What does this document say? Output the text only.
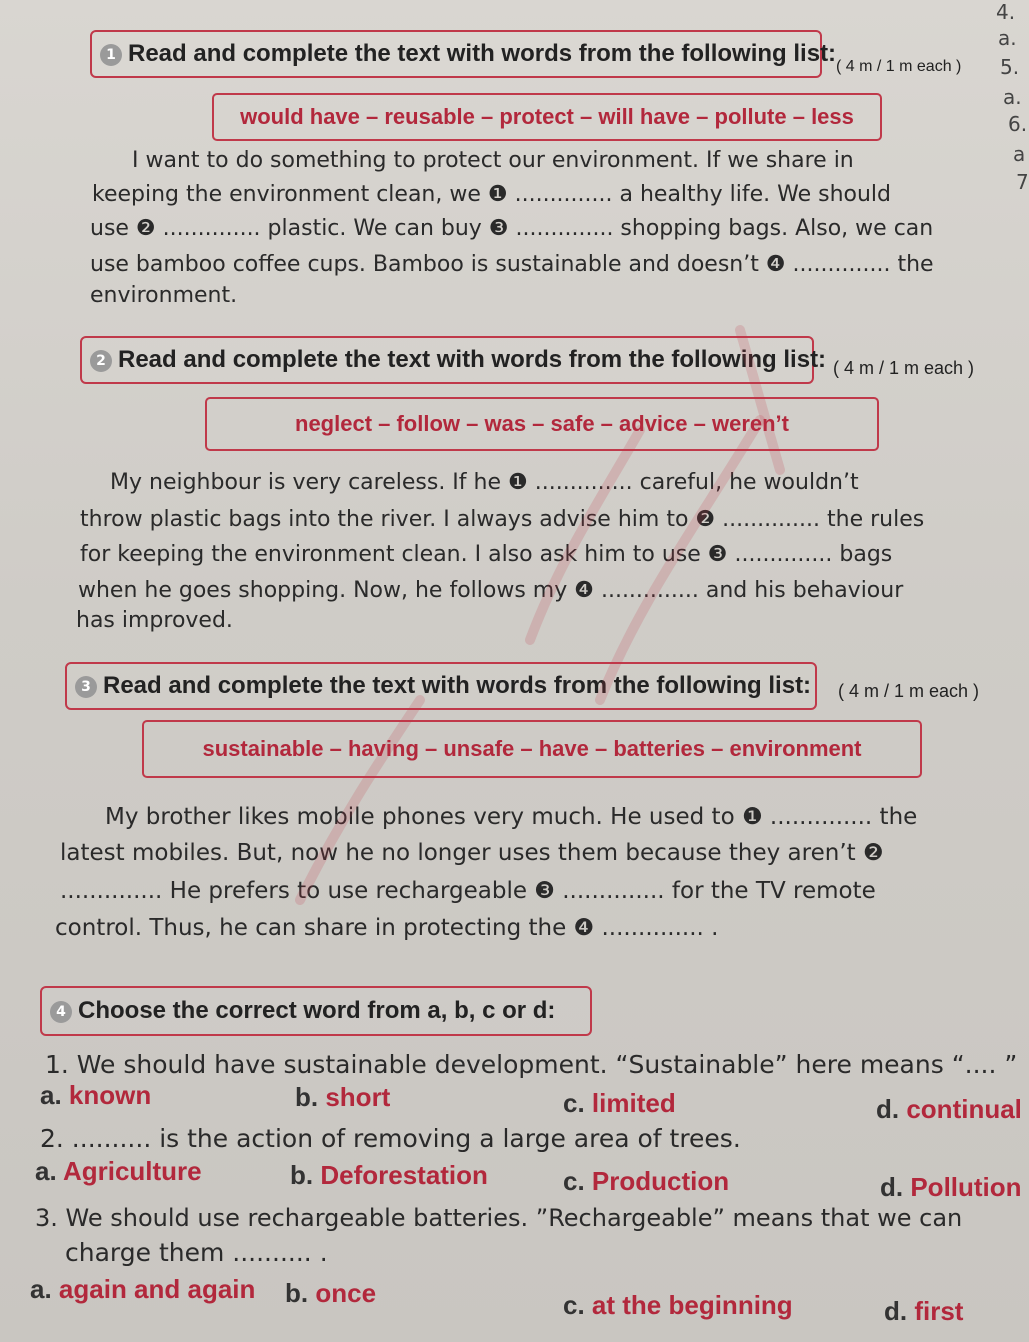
4.
a.
5.
a.
6.
a
7
1 Read and complete the text with words from the following list: ( 4 m / 1 m each )
would have – reusable – protect – will have – pollute – less
I want to do something to protect our environment. If we share in
keeping the environment clean, we ❶ .............. a healthy life. We should
use ❷ .............. plastic. We can buy ❸ .............. shopping bags. Also, we can
use bamboo coffee cups. Bamboo is sustainable and doesn’t ❹ .............. the
environment.
2 Read and complete the text with words from the following list: ( 4 m / 1 m each )
neglect – follow – was – safe – advice – weren’t
My neighbour is very careless. If he ❶ .............. careful, he wouldn’t
throw plastic bags into the river. I always advise him to ❷ .............. the rules
for keeping the environment clean. I also ask him to use ❸ .............. bags
when he goes shopping. Now, he follows my ❹ .............. and his behaviour
has improved.
3 Read and complete the text with words from the following list:	( 4 m / 1 m each )
sustainable – having – unsafe – have – batteries – environment
My brother likes mobile phones very much. He used to ❶ .............. the
latest mobiles. But, now he no longer uses them because they aren’t ❷
.............. He prefers to use rechargeable ❸ .............. for the TV remote
control. Thus, he can share in protecting the ❹ .............. .
4 Choose the correct word from a, b, c or d:
1. We should have sustainable development. “Sustainable” here means “.... ”
a. known	b. short	c. limited	d. continual
2. .......... is the action of removing a large area of trees.
a. Agriculture	b. Deforestation	c. Production	d. Pollution
3. We should use rechargeable batteries. ”Rechargeable” means that we can
charge them .......... .
a. again and again b. once	c. at the beginning	d. first
